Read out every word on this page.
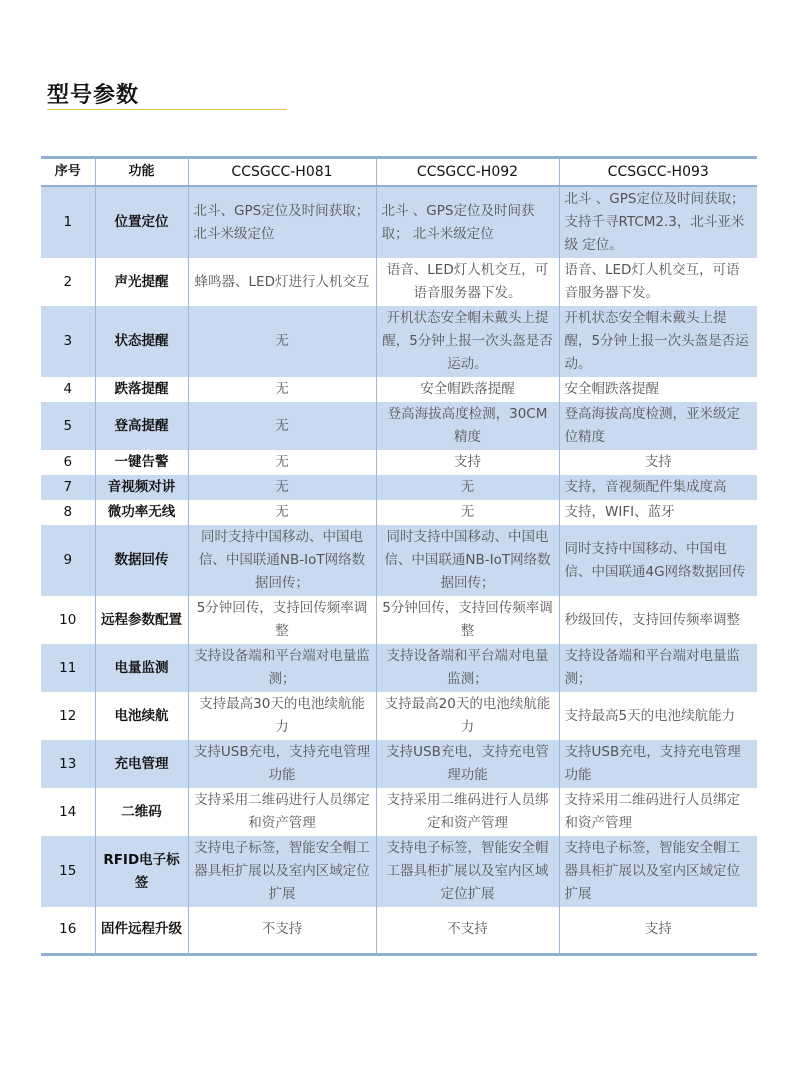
型号参数
序号	功能	CCSGCC-H081	CCSGCC-H092	CCSGCC-H093
1	位置定位	北斗、GPS定位及时间获取； 北斗米级定位	北斗 、GPS定位及时间获取； 北斗米级定位	北斗 、GPS定位及时间获取；支持千寻RTCM2.3，北斗亚米级 定位。
2	声光提醒	蜂鸣器、LED灯进行人机交互	语音、LED灯人机交互，可语音服务器下发。	语音、LED灯人机交互，可语音服务器下发。
3	状态提醒	无	开机状态安全帽未戴头上提醒，5分钟上报一次头盔是否运动。	开机状态安全帽未戴头上提醒，5分钟上报一次头盔是否运动。
4	跌落提醒	无	安全帽跌落提醒	安全帽跌落提醒
5	登高提醒	无	登高海拔高度检测，30CM精度	登高海拔高度检测，亚米级定位精度
6	一键告警	无	支持	支持
7	音视频对讲	无	无	支持，音视频配件集成度高
8	微功率无线	无	无	支持，WIFI、蓝牙
9	数据回传	同时支持中国移动、中国电信、中国联通NB-IoT网络数据回传；	同时支持中国移动、中国电信、中国联通NB-IoT网络数据回传；	同时支持中国移动、中国电信、中国联通4G网络数据回传
10	远程参数配置	5分钟回传，支持回传频率调整	5分钟回传，支持回传频率调整	秒级回传，支持回传频率调整
11	电量监测	支持设备端和平台端对电量监测；	支持设备端和平台端对电量监测；	支持设备端和平台端对电量监测；
12	电池续航	支持最高30天的电池续航能力	支持最高20天的电池续航能力	支持最高5天的电池续航能力
13	充电管理	支持USB充电，支持充电管理功能	支持USB充电，支持充电管理功能	支持USB充电，支持充电管理功能
14	二维码	支持采用二维码进行人员绑定和资产管理	支持采用二维码进行人员绑定和资产管理	支持采用二维码进行人员绑定和资产管理
15	RFID电子标签	支持电子标签，智能安全帽工器具柜扩展以及室内区域定位扩展	支持电子标签，智能安全帽工器具柜扩展以及室内区域定位扩展	支持电子标签，智能安全帽工器具柜扩展以及室内区域定位扩展
16	固件远程升级	不支持	不支持	支持
